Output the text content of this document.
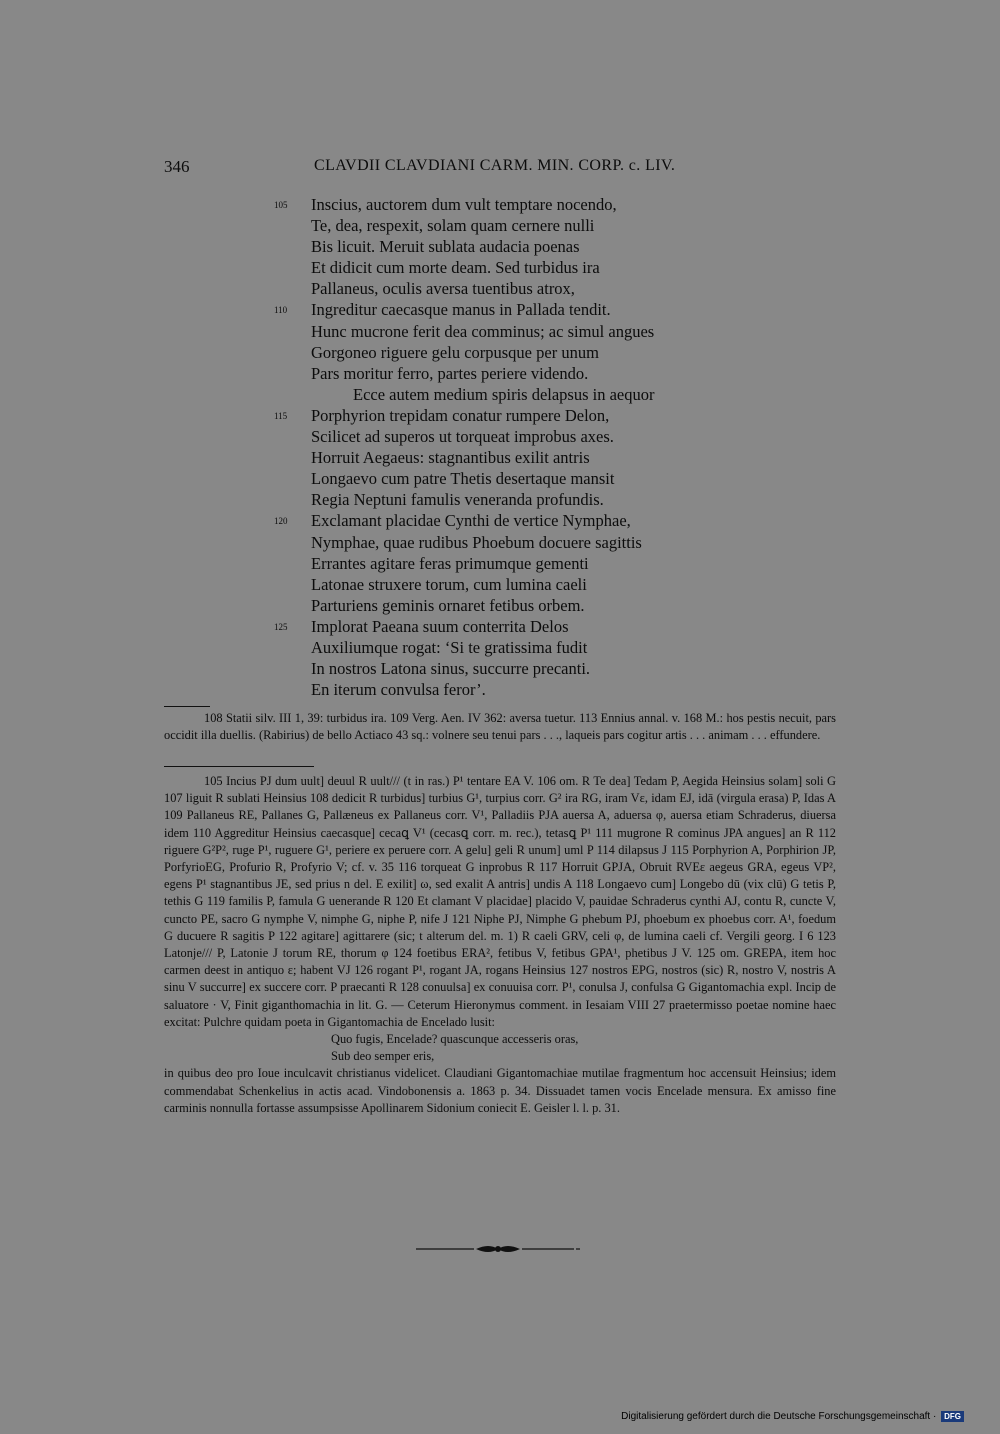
346	CLAVDII CLAVDIANI CARM. MIN. CORP. c. LIV.
105 Inscius, auctorem dum vult temptare nocendo,
Te, dea, respexit, solam quam cernere nulli
Bis licuit. Meruit sublata audacia poenas
Et didicit cum morte deam. Sed turbidus ira
Pallaneus, oculis aversa tuentibus atrox,
110 Ingreditur caecasque manus in Pallada tendit.
Hunc mucrone ferit dea comminus; ac simul angues
Gorgoneo riguere gelu corpusque per unum
Pars moritur ferro, partes periere videndo.
Ecce autem medium spiris delapsus in aequor
115 Porphyrion trepidam conatur rumpere Delon,
Scilicet ad superos ut torqueat improbus axes.
Horruit Aegaeus: stagnantibus exilit antris
Longaevo cum patre Thetis desertaque mansit
Regia Neptuni famulis veneranda profundis.
120 Exclamant placidae Cynthi de vertice Nymphae,
Nymphae, quae rudibus Phoebum docuere sagittis
Errantes agitare feras primumque gementi
Latonae struxere torum, cum lumina caeli
Parturiens geminis ornaret fetibus orbem.
125 Implorat Paeana suum conterrita Delos
Auxiliumque rogat: ‘Si te gratissima fudit
In nostros Latona sinus, succurre precanti.
En iterum convulsa feror’.

108 Statii silv. III 1, 39: turbidus ira. 109 Verg. Aen. IV 362: aversa tuetur. 113 Ennius annal. v. 168 M.: hos pestis necuit, pars occidit illa duellis. (Rabirius) de bello Actiaco 43 sq.: volnere seu tenui pars . . ., laqueis pars cogitur artis . . . animam . . . effundere.

105 Incius PJ dum uult] deuul R uult/// (t in ras.) P¹ tentare EA V. 106 om. R Te dea] Tedam P, Aegida Heinsius solam] soli G 107 liguit R sublati Heinsius 108 dedicit R turbidus] turbius G¹, turpius corr. G² ira RG, iram Vε, idam EJ, idā (virgula erasa) P, Idas A 109 Pallaneus RE, Pallanes G, Pallæneus ex Pallaneus corr. V¹, Palladiis PJA auersa A, aduersa φ, auersa etiam Schraderus, diuersa idem 110 Aggreditur Heinsius caecasque] cecaꝗ V¹ (cecasꝗ corr. m. rec.), tetasꝗ P¹ 111 mugrone R cominus JPA angues] an R 112 riguere G²P², ruge P¹, ruguere G¹, periere ex peruere corr. A gelu] geli R unum] uml P 114 dilapsus J 115 Porphyrion A, Porphirion JP, PorfyrioEG, Profurio R, Profyrio V; cf. v. 35 116 torqueat G inprobus R 117 Horruit GPJA, Obruit RVEε aegeus GRA, egeus VP², egens P¹ stagnantibus JE, sed prius n del. E exilit] ω, sed exalit A antris] undis A 118 Longaevo cum] Longebo dū (vix clū) G tetis P, tethis G 119 familis P, famula G uenerande R 120 Et clamant V placidae] placido V, pauidae Schraderus cynthi AJ, contu R, cuncte V, cuncto PE, sacro G nymphe V, nimphe G, niphe P, nife J 121 Niphe PJ, Nimphe G phebum PJ, phoebum ex phoebus corr. A¹, foedum G ducuere R sagitis P 122 agitare] agittarere (sic; t alterum del. m. 1) R caeli GRV, celi φ, de lumina caeli cf. Vergili georg. I 6 123 Latonje/// P, Latonie J torum RE, thorum φ 124 foetibus ERA², fetibus V, fetibus GPA¹, phetibus J V. 125 om. GREPA, item hoc carmen deest in antiquo ε; habent VJ 126 rogant P¹, rogant JA, rogans Heinsius 127 nostros EPG, nostros (sic) R, nostro V, nostris A sinu V succurre] ex succere corr. P praecanti R 128 conuulsa] ex conuuisa corr. P¹, conulsa J, confulsa G Gigantomachia expl. Incip de saluatore · V, Finit giganthomachia in lit. G. — Ceterum Hieronymus comment. in Iesaiam VIII 27 praetermisso poetae nomine haec excitat: Pulchre quidam poeta in Gigantomachia de Encelado lusit:

Quo fugis, Encelade? quascunque accesseris oras,

Sub deo semper eris,

in quibus deo pro Ioue inculcavit christianus videlicet. Claudiani Gigantomachiae mutilae fragmentum hoc accensuit Heinsius; idem commendabat Schenkelius in actis acad. Vindobonensis a. 1863 p. 34. Dissuadet tamen vocis Encelade mensura. Ex amisso fine carminis nonnulla fortasse assumpsisse Apollinarem Sidonium coniecit E. Geisler l. l. p. 31.

Digitalisierung gefördert durch die Deutsche Forschungsgemeinschaft · DFG
